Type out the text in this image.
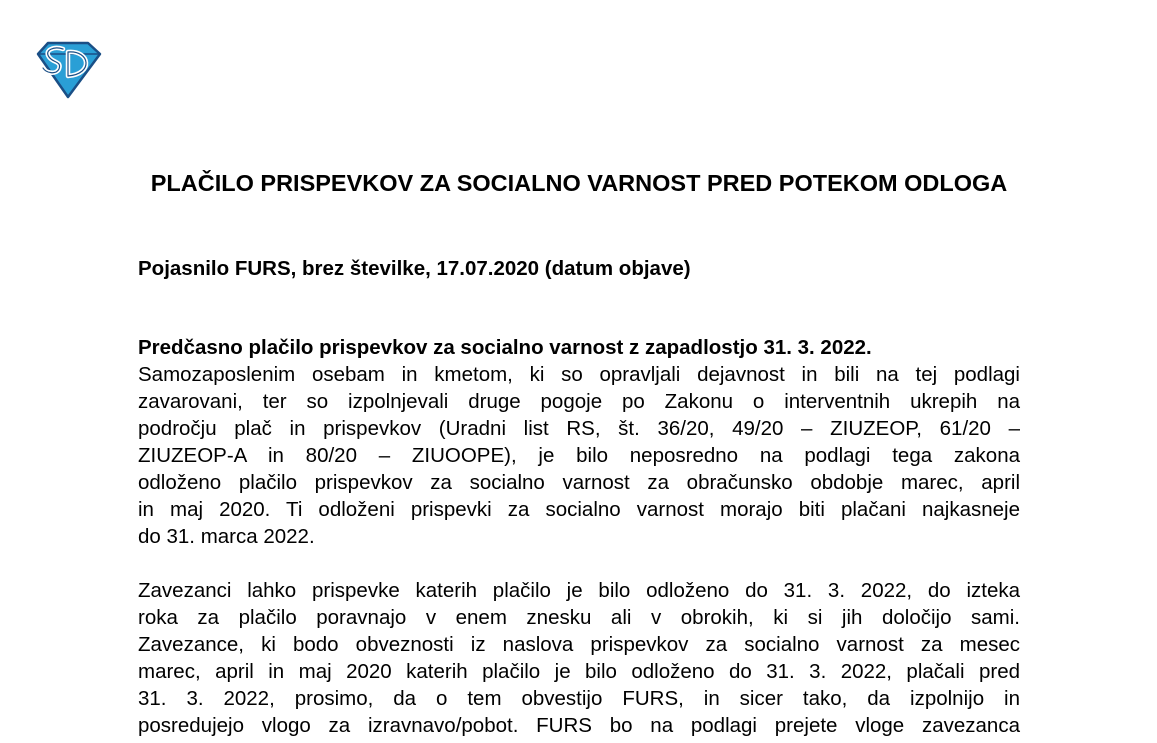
PLAČILO PRISPEVKOV ZA SOCIALNO VARNOST PRED POTEKOM ODLOGA

Pojasnilo FURS, brez številke, 17.07.2020 (datum objave)

Predčasno plačilo prispevkov za socialno varnost z zapadlostjo 31. 3. 2022.

Samozaposlenim osebam in kmetom, ki so opravljali dejavnost in bili na tej podlagi
zavarovani, ter so izpolnjevali druge pogoje po Zakonu o interventnih ukrepih na
področju plač in prispevkov (Uradni list RS, št. 36/20, 49/20 – ZIUZEOP, 61/20 –
ZIUZEOP-A in 80/20 – ZIUOOPE), je bilo neposredno na podlagi tega zakona
odloženo plačilo prispevkov za socialno varnost za obračunsko obdobje marec, april
in maj 2020. Ti odloženi prispevki za socialno varnost morajo biti plačani najkasneje
do 31. marca 2022.
Zavezanci lahko prispevke katerih plačilo je bilo odloženo do 31. 3. 2022, do izteka
roka za plačilo poravnajo v enem znesku ali v obrokih, ki si jih določijo sami.
Zavezance, ki bodo obveznosti iz naslova prispevkov za socialno varnost za mesec
marec, april in maj 2020 katerih plačilo je bilo odloženo do 31. 3. 2022, plačali pred
31. 3. 2022, prosimo, da o tem obvestijo FURS, in sicer tako, da izpolnijo in
posredujejo vlogo za izravnavo/pobot. FURS bo na podlagi prejete vloge zavezanca
